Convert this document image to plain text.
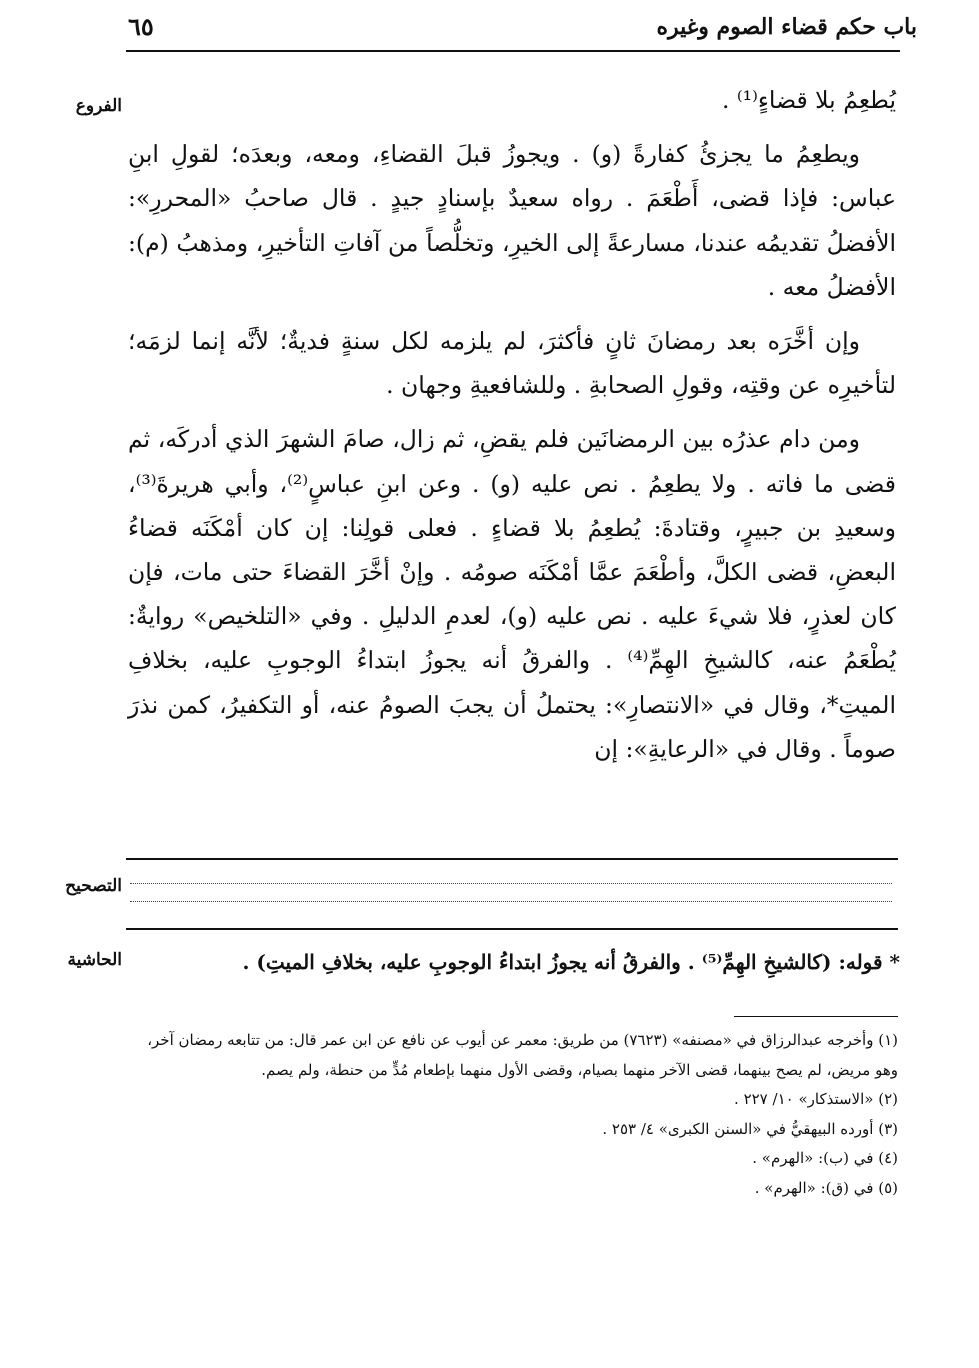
باب حكم قضاء الصوم وغيره
٦٥
الفروع
التصحيح
الحاشية

يُطعِمُ بلا قضاءٍ⁽¹⁾ .

ويطعِمُ ما يجزئُ كفارةً (و) . ويجوزُ قبلَ القضاءِ، ومعه، وبعدَه؛ لقولِ ابنِ عباس: فإذا قضى، أَطْعَمَ . رواه سعيدٌ بإسنادٍ جيدٍ . قال صاحبُ «المحررِ»: الأفضلُ تقديمُه عندنا، مسارعةً إلى الخيرِ، وتخلُّصاً من آفاتِ التأخيرِ، ومذهبُ (م): الأفضلُ معه .

وإن أخَّرَه بعد رمضانَ ثانٍ فأكثرَ، لم يلزمه لكل سنةٍ فديةٌ؛ لأنَّه إنما لزمَه؛ لتأخيرِه عن وقتِه، وقولِ الصحابةِ . وللشافعيةِ وجهان .

ومن دام عذرُه بين الرمضانَين فلم يقضِ، ثم زال، صامَ الشهرَ الذي أدركَه، ثم قضى ما فاته . ولا يطعِمُ . نص عليه (و) . وعن ابنِ عباسٍ⁽²⁾، وأبي هريرةَ⁽³⁾، وسعيدِ بن جبيرٍ، وقتادةَ: يُطعِمُ بلا قضاءٍ . فعلى قولِنا: إن كان أمْكَنَه قضاءُ البعضِ، قضى الكلَّ، وأطْعَمَ عمَّا أمْكَنَه صومُه . وإنْ أخَّرَ القضاءَ حتى مات، فإن كان لعذرٍ، فلا شيءَ عليه . نص عليه (و)، لعدمِ الدليلِ . وفي «التلخيص» روايةٌ: يُطْعَمُ عنه، كالشيخِ الهِمِّ⁽⁴⁾ . والفرقُ أنه يجوزُ ابتداءُ الوجوبِ عليه، بخلافِ الميتِ*، وقال في «الانتصارِ»: يحتملُ أن يجبَ الصومُ عنه، أو التكفيرُ، كمن نذرَ صوماً . وقال في «الرعايةِ»: إن

* قوله: (كالشيخِ الهِمِّ⁽⁵⁾ . والفرقُ أنه يجوزُ ابتداءُ الوجوبِ عليه، بخلافِ الميتِ) .

(١) وأخرجه عبدالرزاق في «مصنفه» (٧٦٢٣) من طريق: معمر عن أيوب عن نافع عن ابن عمر قال: من تتابعه رمضان آخر، وهو مريض، لم يصح بينهما، قضى الآخر منهما بصيام، وقضى الأول منهما بإطعام مُدٍّ من حنطة، ولم يصم.

(٢) «الاستذكار» ١٠/ ٢٢٧ .

(٣) أورده البيهقيُّ في «السنن الكبرى» ٤/ ٢٥٣ .

(٤) في (ب): «الهرم» .

(٥) في (ق): «الهرم» .
